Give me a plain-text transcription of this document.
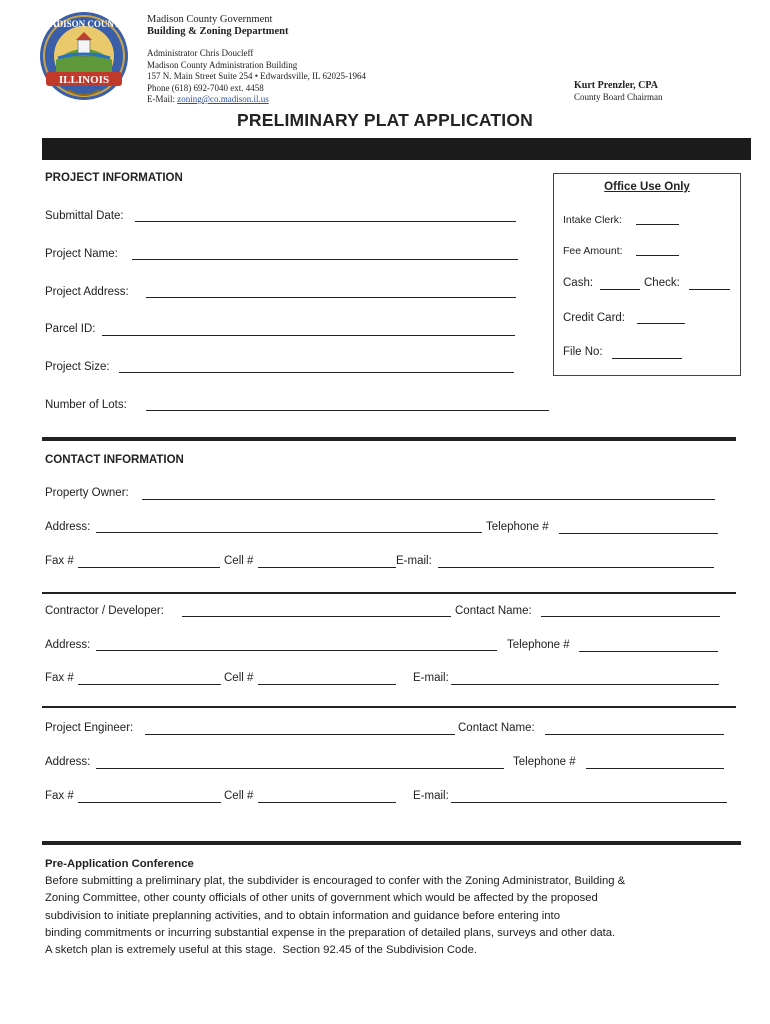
MADISON COUNTY
ILLINOIS
Madison County Government
Building & Zoning Department
Administrator Chris Doucleff
Madison County Administration Building
157 N. Main Street Suite 254 • Edwardsville, IL 62025-1964
Phone (618) 692-7040 ext. 4458
E-Mail: zoning@co.madison.il.us
Kurt Prenzler, CPA
County Board Chairman
PRELIMINARY PLAT APPLICATION
PROJECT INFORMATION
Submittal Date:
Project Name:
Project Address:
Parcel ID:
Project Size:
Number of Lots:
Office Use Only
Intake Clerk:
Fee Amount:
Cash:	Check:
Credit Card:
File No:
CONTACT INFORMATION
Property Owner:
Address:	Telephone #
Fax #	Cell #	E-mail:
Contractor / Developer:	Contact Name:
Address:	Telephone #
Fax #	Cell #	E-mail:
Project Engineer:	Contact Name:
Address:	Telephone #
Fax #	Cell #	E-mail:
Pre-Application Conference
Before submitting a preliminary plat, the subdivider is encouraged to confer with the Zoning Administrator, Building &
Zoning Committee, other county officials of other units of government which would be affected by the proposed
subdivision to initiate preplanning activities, and to obtain information and guidance before entering into
binding commitments or incurring substantial expense in the preparation of detailed plans, surveys and other data.
A sketch plan is extremely useful at this stage.  Section 92.45 of the Subdivision Code.
